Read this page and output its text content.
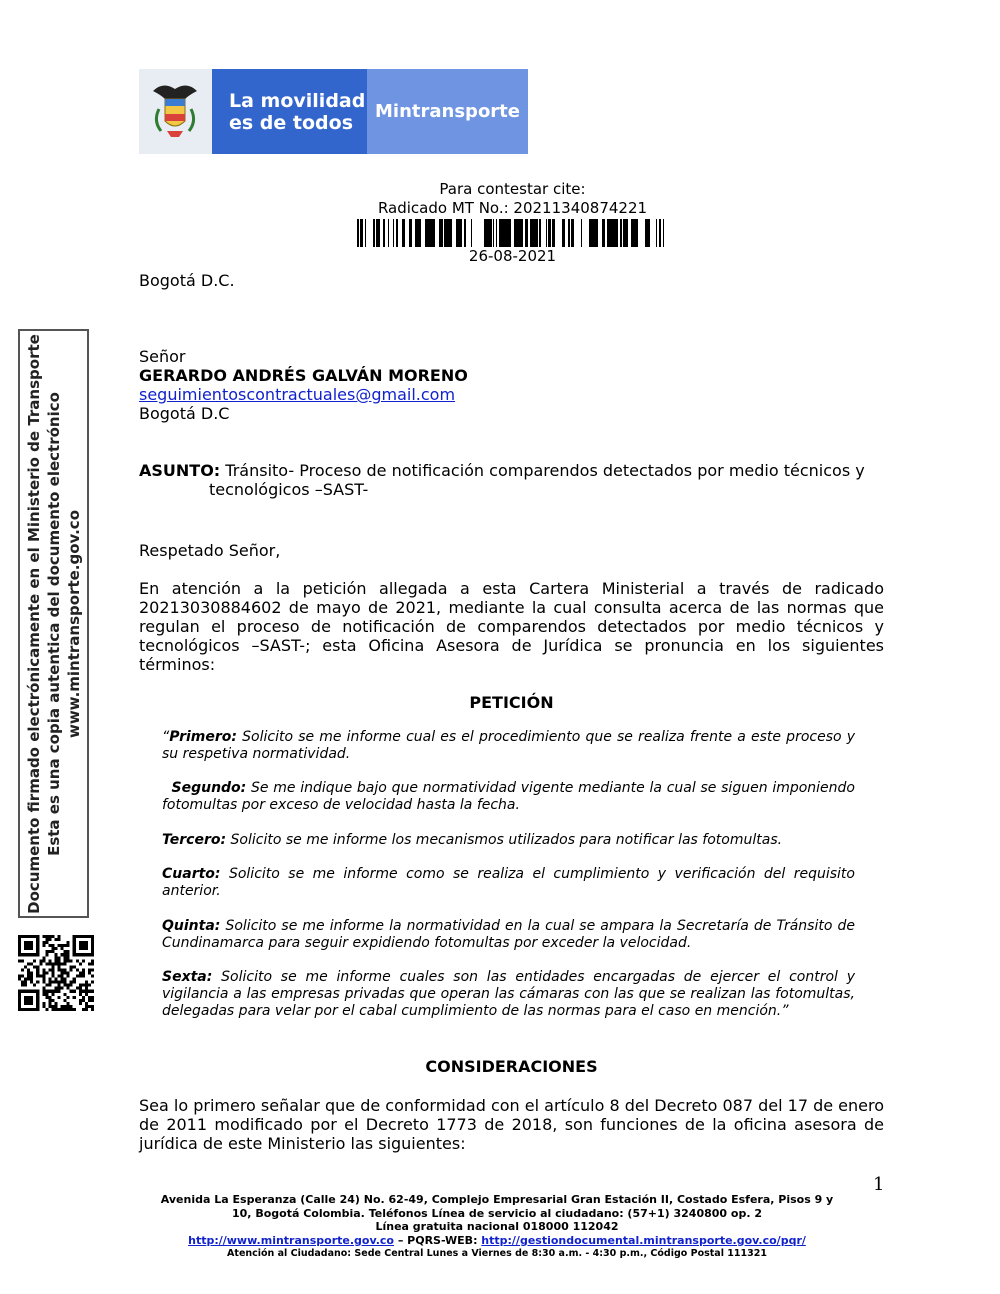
La movilidad
es de todos	Mintransporte
Para contestar cite:
Radicado MT No.: 20211340874221
26-08-2021
Bogotá D.C.
Señor
GERARDO ANDRÉS GALVÁN MORENO
seguimientoscontractuales@gmail.com
Bogotá D.C
ASUNTO: Tránsito- Proceso de notificación comparendos detectados por medio técnicos y
tecnológicos –SAST-
Respetado Señor,
En atención a la petición allegada a esta Cartera Ministerial a través de radicado 20213030884602 de mayo de 2021, mediante la cual consulta acerca de las normas que regulan el proceso de notificación de comparendos detectados por medio técnicos y tecnológicos –SAST-; esta Oficina Asesora de Jurídica se pronuncia en los siguientes términos:
PETICIÓN
“Primero: Solicito se me informe cual es el procedimiento que se realiza frente a este proceso y su respetiva normatividad.
Segundo: Se me indique bajo que normatividad vigente mediante la cual se siguen imponiendo fotomultas por exceso de velocidad hasta la fecha.
Tercero: Solicito se me informe los mecanismos utilizados para notificar las fotomultas.
Cuarto: Solicito se me informe como se realiza el cumplimiento y verificación del requisito anterior.
Quinta: Solicito se me informe la normatividad en la cual se ampara la Secretaría de Tránsito de Cundinamarca para seguir expidiendo fotomultas por exceder la velocidad.
Sexta: Solicito se me informe cuales son las entidades encargadas de ejercer el control y vigilancia a las empresas privadas que operan las cámaras con las que se realizan las fotomultas, delegadas para velar por el cabal cumplimiento de las normas para el caso en mención.”
CONSIDERACIONES
Sea lo primero señalar que de conformidad con el artículo 8 del Decreto 087 del 17 de enero de 2011 modificado por el Decreto 1773 de 2018, son funciones de la oficina asesora de jurídica de este Ministerio las siguientes:
Documento firmado electrónicamente en el Ministerio de Transporte Esta es una copia autentica del documento electrónico www.mintransporte.gov.co
1
Avenida La Esperanza (Calle 24) No. 62-49, Complejo Empresarial Gran Estación II, Costado Esfera, Pisos 9 y
10, Bogotá Colombia. Teléfonos Línea de servicio al ciudadano: (57+1) 3240800 op. 2
Línea gratuita nacional 018000 112042
http://www.mintransporte.gov.co – PQRS-WEB: http://gestiondocumental.mintransporte.gov.co/pqr/
Atención al Ciudadano: Sede Central Lunes a Viernes de 8:30 a.m. - 4:30 p.m., Código Postal 111321
